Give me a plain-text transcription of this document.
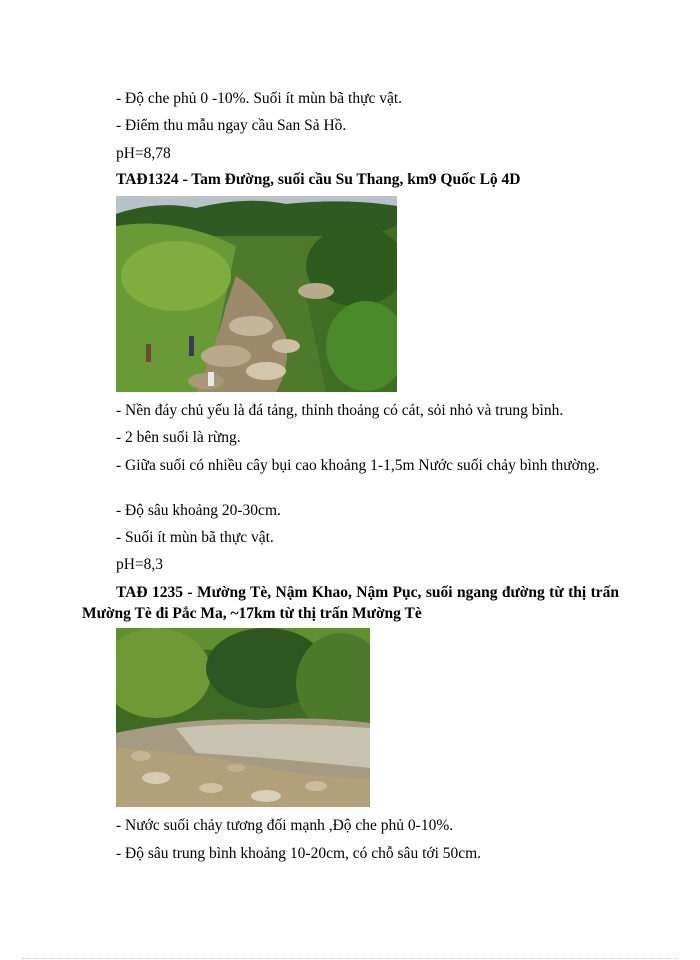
- Độ che phủ 0 -10%. Suối ít mùn bã thực vật.
- Điểm thu mẫu ngay cầu San Sả Hồ.
pH=8,78
TAĐ1324 - Tam Đường, suối cầu Su Thang, km9 Quốc Lộ 4D
- Nền đáy chủ yếu là đá tảng, thỉnh thoảng có cát, sỏi nhỏ và trung bình.
- 2 bên suối là rừng.
- Giữa suối có nhiều cây bụi cao khoảng 1-1,5m Nước suối chảy bình thường.
- Độ sâu khoảng 20-30cm.
- Suối ít mùn bã thực vật.
pH=8,3
TAĐ 1235 - Mường Tè, Nậm Khao, Nậm Pục, suối ngang đường từ thị trấn Mường Tè đi Pắc Ma, ~17km từ thị trấn Mường Tè
- Nước suối chảy tương đối mạnh ,Độ che phủ 0-10%.
- Độ sâu trung bình khoảng 10-20cm, có chỗ sâu tới 50cm.
